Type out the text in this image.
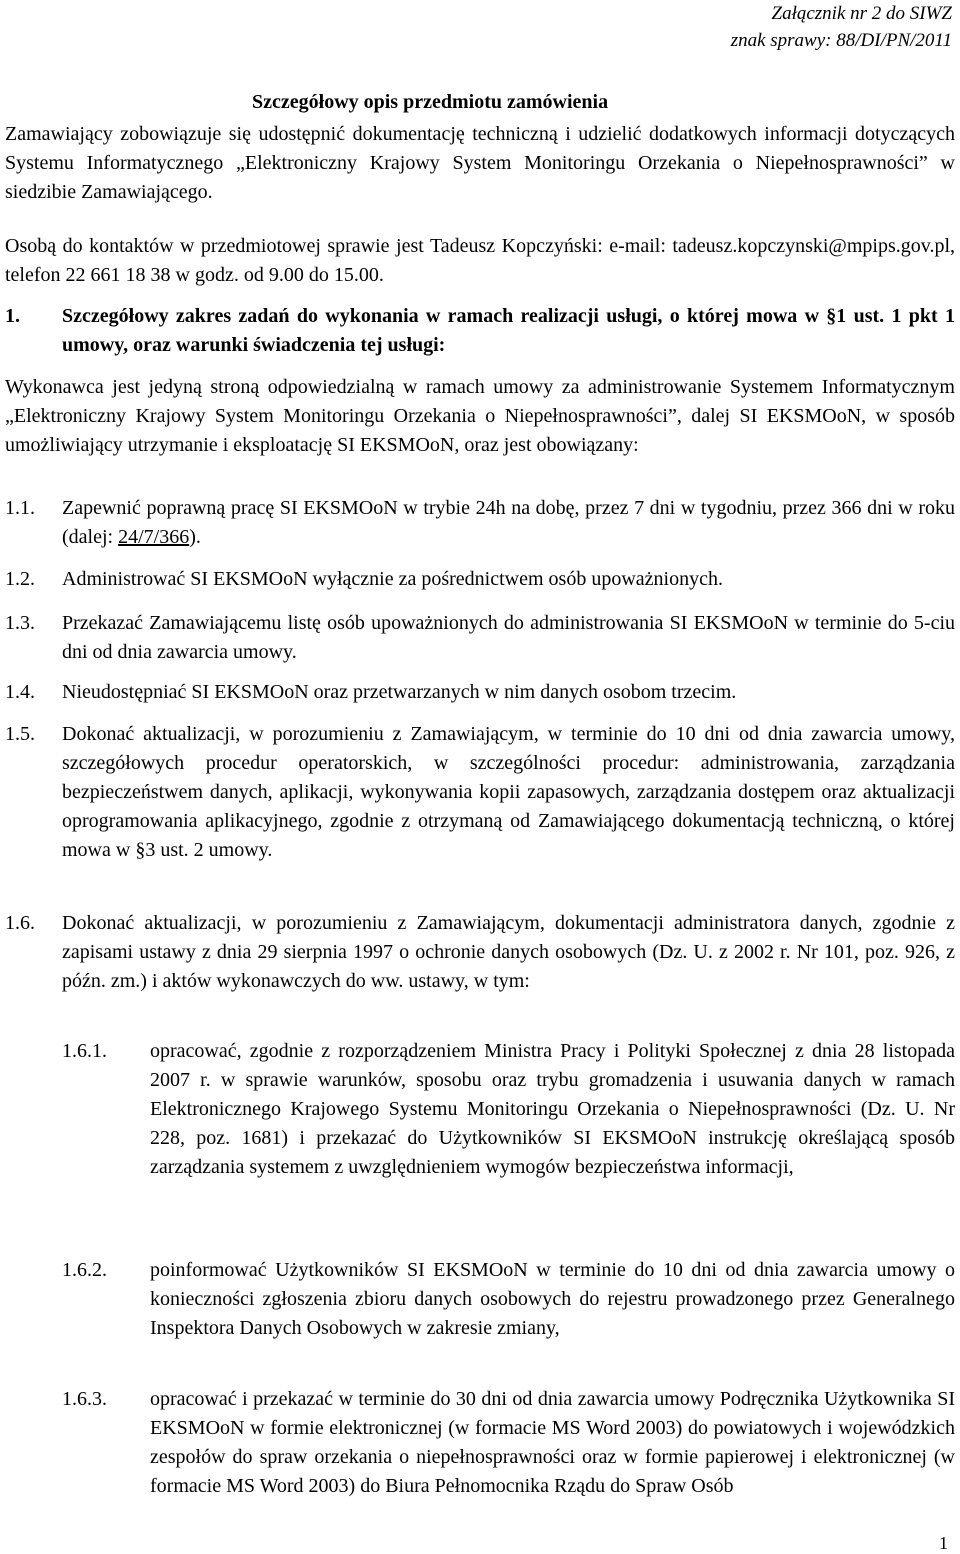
Załącznik nr 2 do SIWZ
znak sprawy: 88/DI/PN/2011
Szczegółowy opis przedmiotu zamówienia
Zamawiający zobowiązuje się udostępnić dokumentację techniczną i udzielić dodatkowych informacji dotyczących Systemu Informatycznego „Elektroniczny Krajowy System Monitoringu Orzekania o Niepełnosprawności” w siedzibie Zamawiającego.
Osobą do kontaktów w przedmiotowej sprawie jest Tadeusz Kopczyński: e-mail: tadeusz.kopczynski@mpips.gov.pl, telefon 22 661 18 38 w godz. od 9.00 do 15.00.
1. Szczegółowy zakres zadań do wykonania w ramach realizacji usługi, o której mowa w §1 ust. 1 pkt 1 umowy, oraz warunki świadczenia tej usługi:
Wykonawca jest jedyną stroną odpowiedzialną w ramach umowy za administrowanie Systemem Informatycznym „Elektroniczny Krajowy System Monitoringu Orzekania o Niepełnosprawności”, dalej SI EKSMOoN, w sposób umożliwiający utrzymanie i eksploatację SI EKSMOoN, oraz jest obowiązany:
1.1. Zapewnić poprawną pracę SI EKSMOoN w trybie 24h na dobę, przez 7 dni w tygodniu, przez 366 dni w roku (dalej: 24/7/366).
1.2. Administrować SI EKSMOoN wyłącznie za pośrednictwem osób upoważnionych.
1.3. Przekazać Zamawiającemu listę osób upoważnionych do administrowania SI EKSMOoN w terminie do 5-ciu dni od dnia zawarcia umowy.
1.4. Nieudostępniać SI EKSMOoN oraz przetwarzanych w nim danych osobom trzecim.
1.5. Dokonać aktualizacji, w porozumieniu z Zamawiającym, w terminie do 10 dni od dnia zawarcia umowy, szczegółowych procedur operatorskich, w szczególności procedur: administrowania, zarządzania bezpieczeństwem danych, aplikacji, wykonywania kopii zapasowych, zarządzania dostępem oraz aktualizacji oprogramowania aplikacyjnego, zgodnie z otrzymaną od Zamawiającego dokumentacją techniczną, o której mowa w §3 ust. 2 umowy.
1.6. Dokonać aktualizacji, w porozumieniu z Zamawiającym, dokumentacji administratora danych, zgodnie z zapisami ustawy z dnia 29 sierpnia 1997 o ochronie danych osobowych (Dz. U. z 2002 r. Nr 101, poz. 926, z późn. zm.) i aktów wykonawczych do ww. ustawy, w tym:
1.6.1. opracować, zgodnie z rozporządzeniem Ministra Pracy i Polityki Społecznej z dnia 28 listopada 2007 r. w sprawie warunków, sposobu oraz trybu gromadzenia i usuwania danych w ramach Elektronicznego Krajowego Systemu Monitoringu Orzekania o Niepełnosprawności (Dz. U. Nr 228, poz. 1681) i przekazać do Użytkowników SI EKSMOoN instrukcję określającą sposób zarządzania systemem z uwzględnieniem wymogów bezpieczeństwa informacji,
1.6.2. poinformować Użytkowników SI EKSMOoN w terminie do 10 dni od dnia zawarcia umowy o konieczności zgłoszenia zbioru danych osobowych do rejestru prowadzonego przez Generalnego Inspektora Danych Osobowych w zakresie zmiany,
1.6.3. opracować i przekazać w terminie do 30 dni od dnia zawarcia umowy Podręcznika Użytkownika SI EKSMOoN w formie elektronicznej (w formacie MS Word 2003) do powiatowych i wojewódzkich zespołów do spraw orzekania o niepełnosprawności oraz w formie papierowej i elektronicznej (w formacie MS Word 2003) do Biura Pełnomocnika Rządu do Spraw Osób
1
